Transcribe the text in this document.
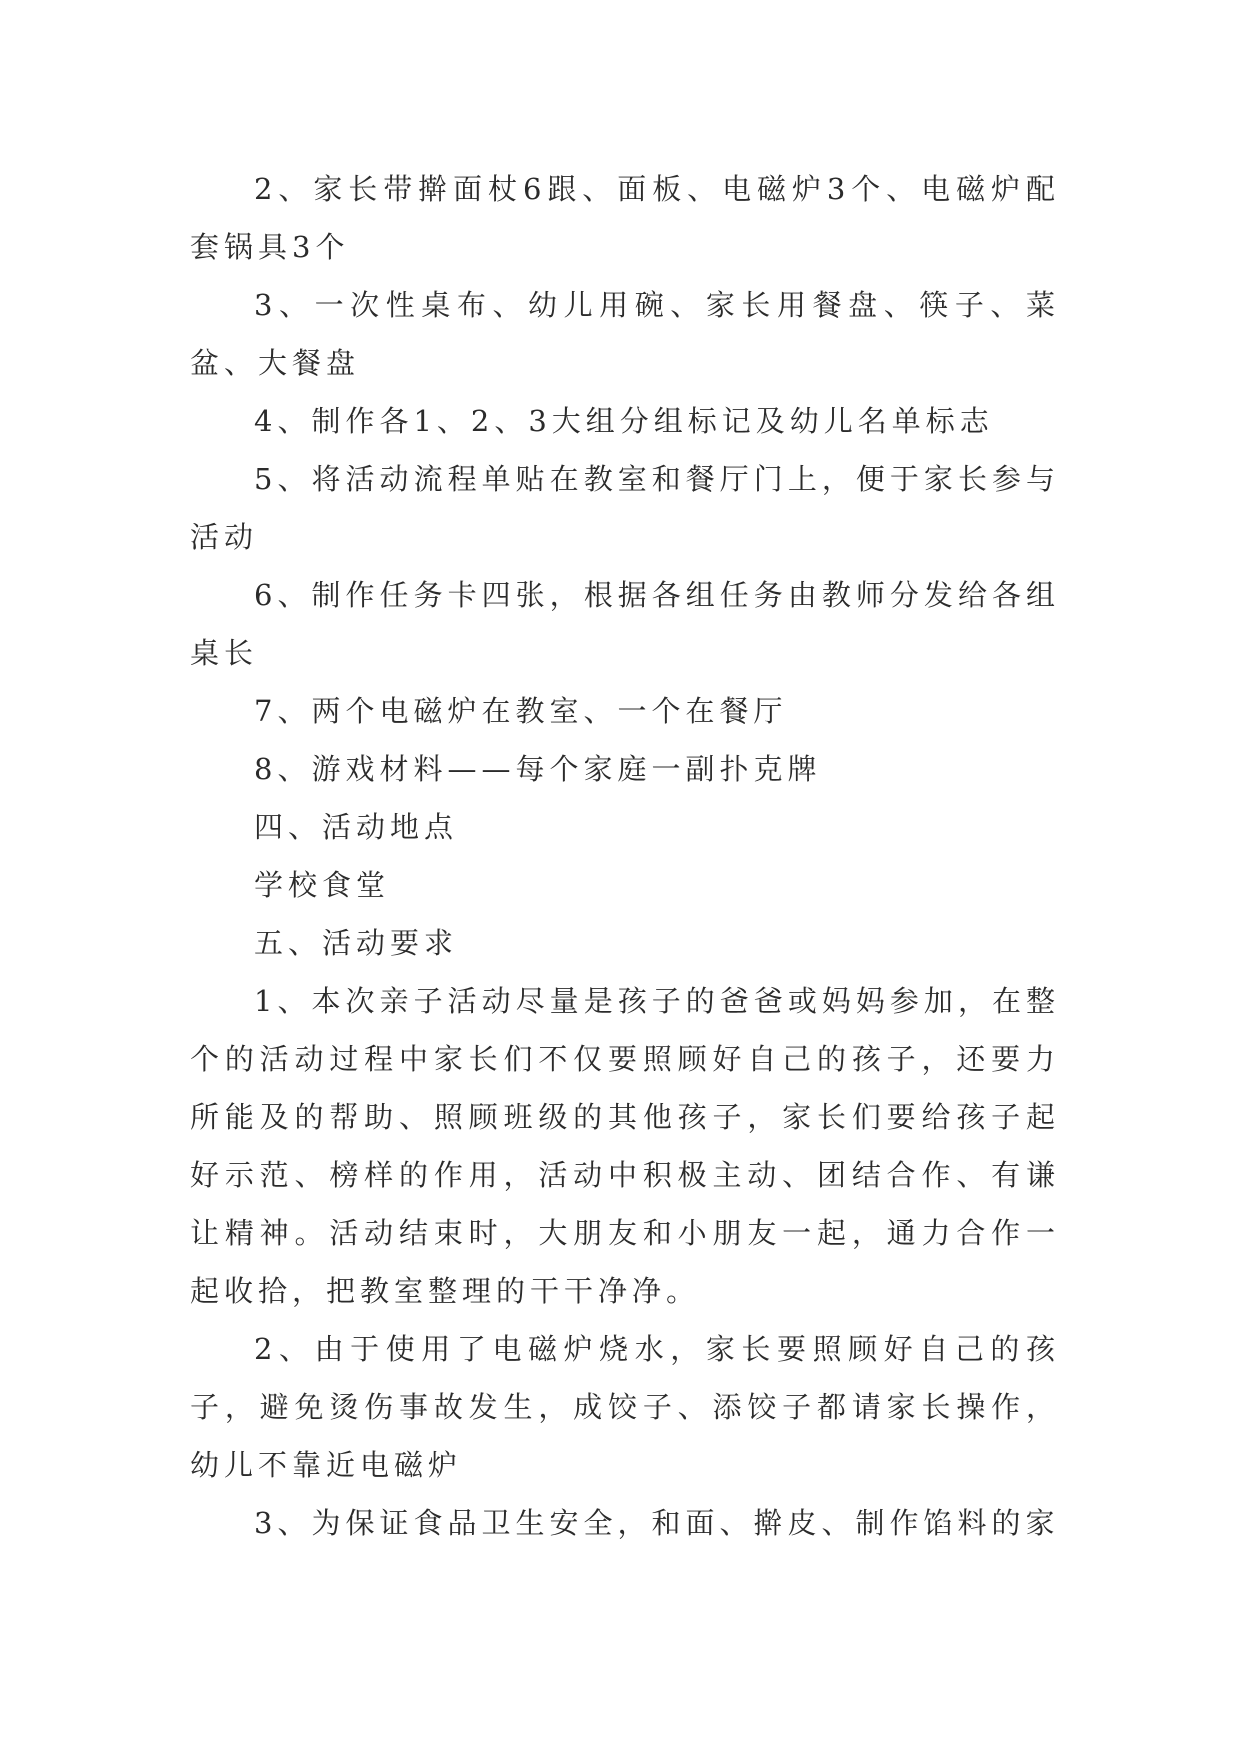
2、家长带擀面杖6跟、面板、电磁炉3个、电磁炉配套锅具3个

3、一次性桌布、幼儿用碗、家长用餐盘、筷子、菜盆、大餐盘

4、制作各1、2、3大组分组标记及幼儿名单标志

5、将活动流程单贴在教室和餐厅门上，便于家长参与活动

6、制作任务卡四张，根据各组任务由教师分发给各组桌长

7、两个电磁炉在教室、一个在餐厅

8、游戏材料——每个家庭一副扑克牌

四、活动地点

学校食堂

五、活动要求

1、本次亲子活动尽量是孩子的爸爸或妈妈参加，在整个的活动过程中家长们不仅要照顾好自己的孩子，还要力所能及的帮助、照顾班级的其他孩子，家长们要给孩子起好示范、榜样的作用，活动中积极主动、团结合作、有谦让精神。活动结束时，大朋友和小朋友一起，通力合作一起收拾，把教室整理的干干净净。

2、由于使用了电磁炉烧水，家长要照顾好自己的孩子，避免烫伤事故发生，成饺子、添饺子都请家长操作，幼儿不靠近电磁炉

3、为保证食品卫生安全，和面、擀皮、制作馅料的家
